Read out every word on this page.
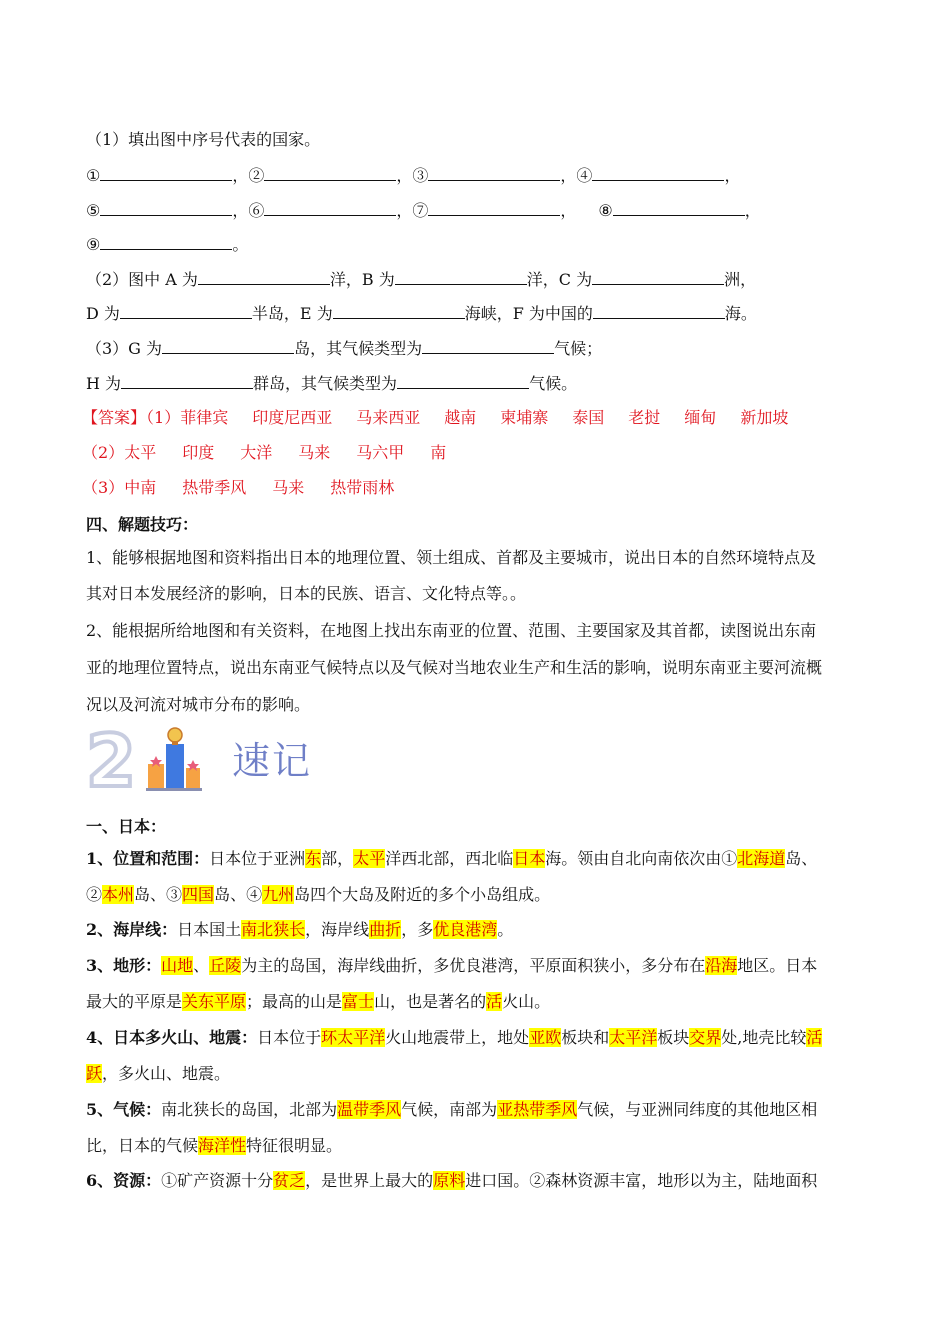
（1）填出图中序号代表的国家。
①	，②	，③	，④	，
⑤	，⑥	，⑦	， ⑧	，
⑨	。
（2）图中 A 为	洋，B 为	洋，C 为	洲，
D 为	半岛，E 为	海峡，F 为中国的	海。
（3）G 为	岛，其气候类型为	气候；
H 为	群岛，其气候类型为	气候。
【答案】（1）菲律宾 印度尼西亚 马来西亚 越南 柬埔寨 泰国 老挝 缅甸 新加坡
（2）太平 印度 大洋 马来 马六甲 南
（3）中南 热带季风 马来 热带雨林
四、解题技巧：
1、能够根据地图和资料指出日本的地理位置、领土组成、首都及主要城市，说出日本的自然环境特点及
其对日本发展经济的影响，日本的民族、语言、文化特点等。。
2、能根据所给地图和有关资料，在地图上找出东南亚的位置、范围、主要国家及其首都，读图说出东南
亚的地理位置特点，说出东南亚气候特点以及气候对当地农业生产和生活的影响，说明东南亚主要河流概
况以及河流对城市分布的影响。
2	速记
一、日本：
1、位置和范围：日本位于亚洲东部，太平洋西北部，西北临日本海。领由自北向南依次由①北海道岛、
②本州岛、③四国岛、④九州岛四个大岛及附近的多个小岛组成。
2、海岸线：日本国土南北狭长，海岸线曲折，多优良港湾。
3、地形：山地、丘陵为主的岛国，海岸线曲折，多优良港湾，平原面积狭小，多分布在沿海地区。日本
最大的平原是关东平原；最高的山是富士山，也是著名的活火山。
4、日本多火山、地震：日本位于环太平洋火山地震带上，地处亚欧板块和太平洋板块交界处,地壳比较活
跃，多火山、地震。
5、气候：南北狭长的岛国，北部为温带季风气候，南部为亚热带季风气候，与亚洲同纬度的其他地区相
比，日本的气候海洋性特征很明显。
6、资源：①矿产资源十分贫乏，是世界上最大的原料进口国。②森林资源丰富，地形以为主，陆地面积
